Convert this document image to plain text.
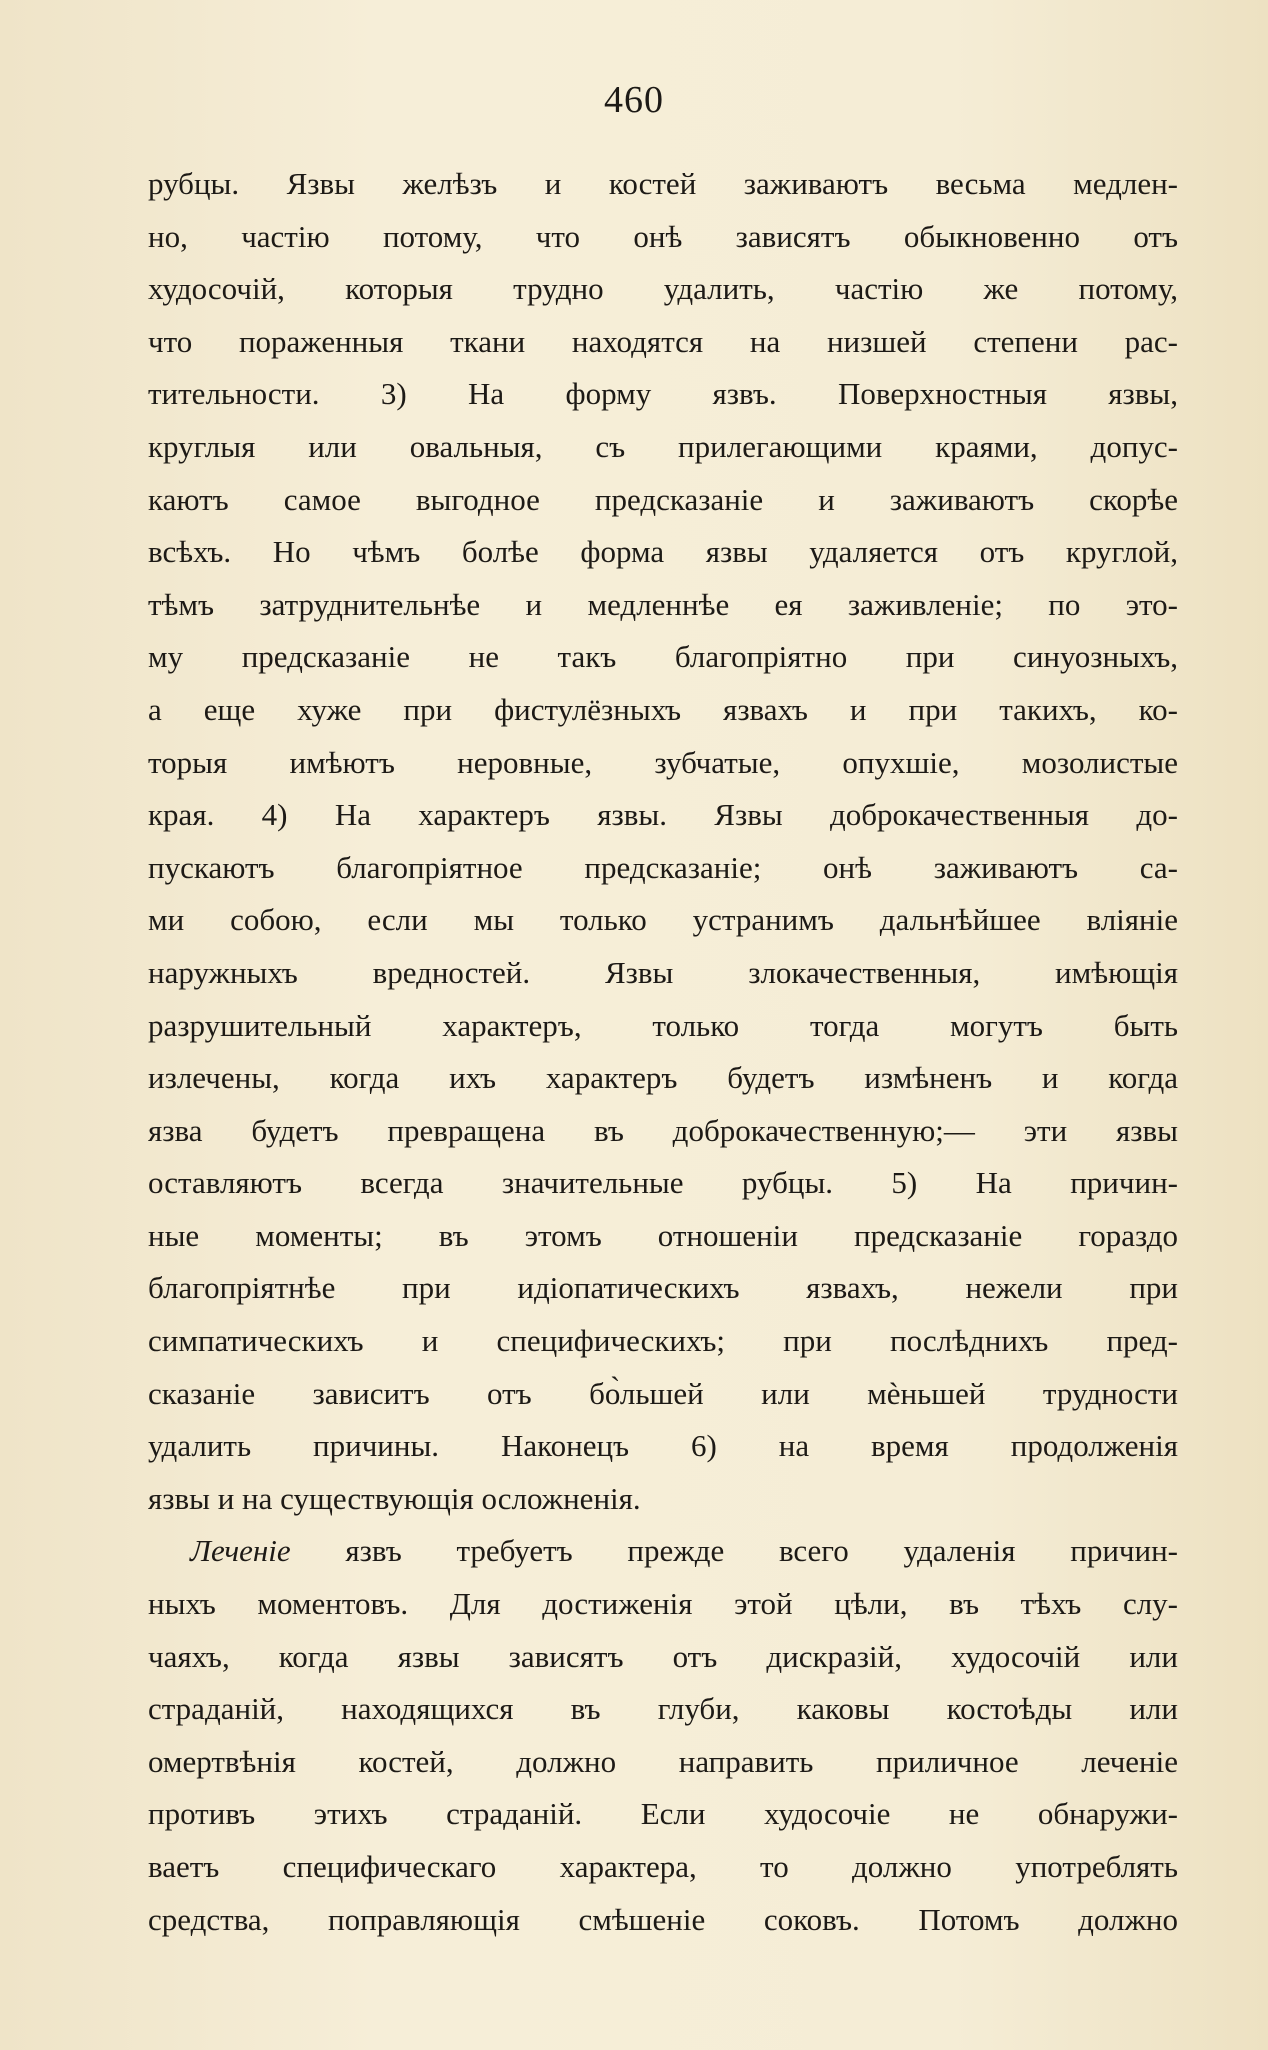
460
рубцы. Язвы желѣзъ и костей заживаютъ весьма медлен-
но, частію потому, что онѣ зависятъ обыкновенно отъ
худосочій, которыя трудно удалить, частію же потому,
что пораженныя ткани находятся на низшей степени рас-
тительности. 3) На форму язвъ. Поверхностныя язвы,
круглыя или овальныя, съ прилегающими краями, допус-
каютъ самое выгодное предсказаніе и заживаютъ скорѣе
всѣхъ. Но чѣмъ болѣе форма язвы удаляется отъ круглой,
тѣмъ затруднительнѣе и медленнѣе ея заживленіе; по это-
му предсказаніе не такъ благопріятно при синуозныхъ,
а еще хуже при фистулёзныхъ язвахъ и при такихъ, ко-
торыя имѣютъ неровные, зубчатые, опухшіе, мозолистые
края. 4) На характеръ язвы. Язвы доброкачественныя до-
пускаютъ благопріятное предсказаніе; онѣ заживаютъ са-
ми собою, если мы только устранимъ дальнѣйшее вліяніе
наружныхъ вредностей. Язвы злокачественныя, имѣющія
разрушительный характеръ, только тогда могутъ быть
излечены, когда ихъ характеръ будетъ измѣненъ и когда
язва будетъ превращена въ доброкачественную;— эти язвы
оставляютъ всегда значительные рубцы. 5) На причин-
ные моменты; въ этомъ отношеніи предсказаніе гораздо
благопріятнѣе при идіопатическихъ язвахъ, нежели при
симпатическихъ и специфическихъ; при послѣднихъ пред-
сказаніе зависитъ отъ бо̀льшей или мѐньшей трудности
удалить причины. Наконецъ 6) на время продолженія
язвы и на существующія осложненія.
Леченіе язвъ требуетъ прежде всего удаленія причин-
ныхъ моментовъ. Для достиженія этой цѣли, въ тѣхъ слу-
чаяхъ, когда язвы зависятъ отъ дискразій, худосочій или
страданій, находящихся въ глуби, каковы костоѣды или
омертвѣнія костей, должно направить приличное леченіе
противъ этихъ страданій. Если худосочіе не обнаружи-
ваетъ специфическаго характера, то должно употреблять
средства, поправляющія смѣшеніе соковъ. Потомъ должно
